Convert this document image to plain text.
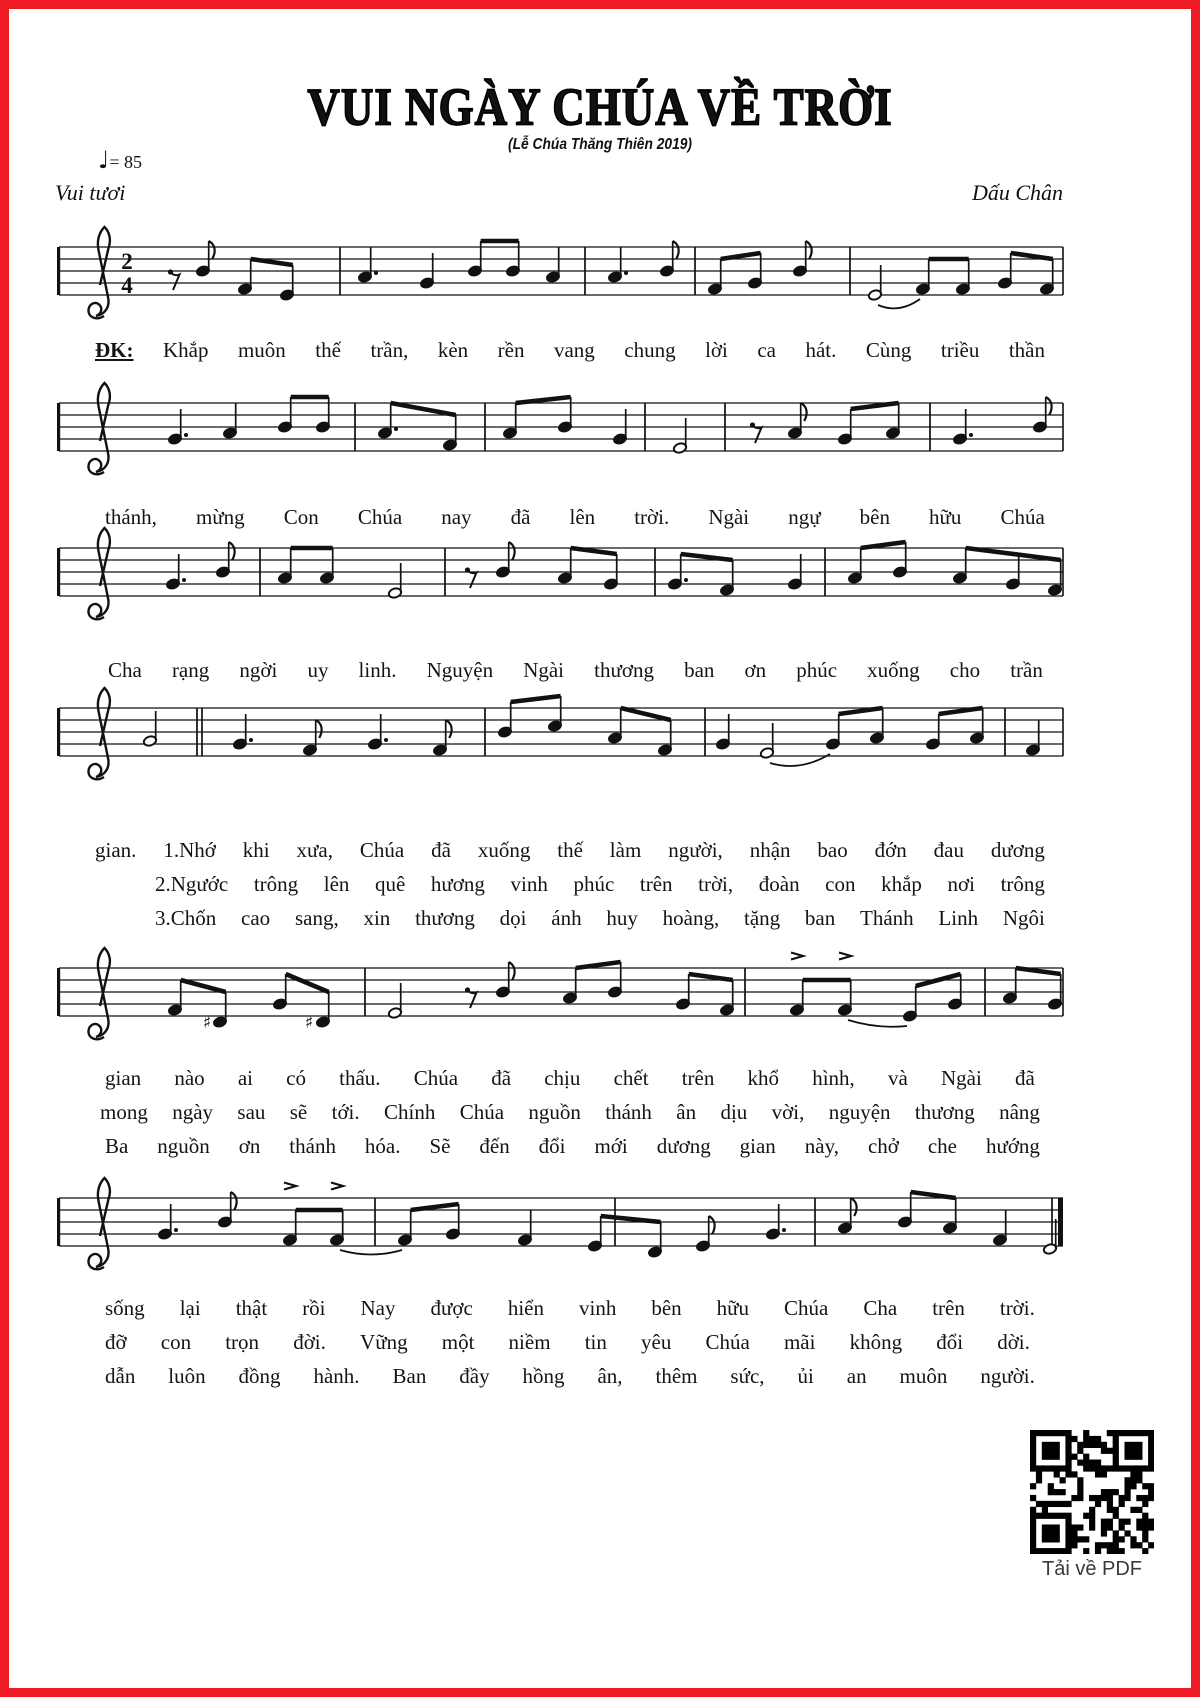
VUI NGÀY CHÚA VỀ TRỜI
(Lễ Chúa Thăng Thiên 2019)
♩= 85
Vui tươi	Dấu Chân
2
4
ĐK: Khắp muôn thế trần, kèn rền vang chung lời ca hát. Cùng triều thần
thánh, mừng Con Chúa nay đã lên trời. Ngài ngự bên hữu Chúa
Cha rạng ngời uy linh. Nguyện Ngài thương ban ơn phúc xuống cho trần
gian. 1.Nhớ khi xưa, Chúa đã xuống thế làm người, nhận bao đớn đau dương
2.Ngước trông lên quê hương vinh phúc trên trời, đoàn con khắp nơi trông
3.Chốn cao sang, xin thương dọi ánh huy hoàng, tặng ban Thánh Linh Ngôi
♯	♯
gian nào ai có thấu. Chúa đã chịu chết trên khổ hình, và Ngài đã
mong ngày sau sẽ tới. Chính Chúa nguồn thánh ân dịu vời, nguyện thương nâng
Ba nguồn ơn thánh hóa. Sẽ đến đổi mới dương gian này, chở che hướng
sống lại thật rồi Nay được hiển vinh bên hữu Chúa Cha trên trời.
đỡ con trọn đời. Vững một niềm tin yêu Chúa mãi không đổi dời.
dẫn luôn đồng hành. Ban đầy hồng ân, thêm sức, ủi an muôn người.
Tải về PDF
